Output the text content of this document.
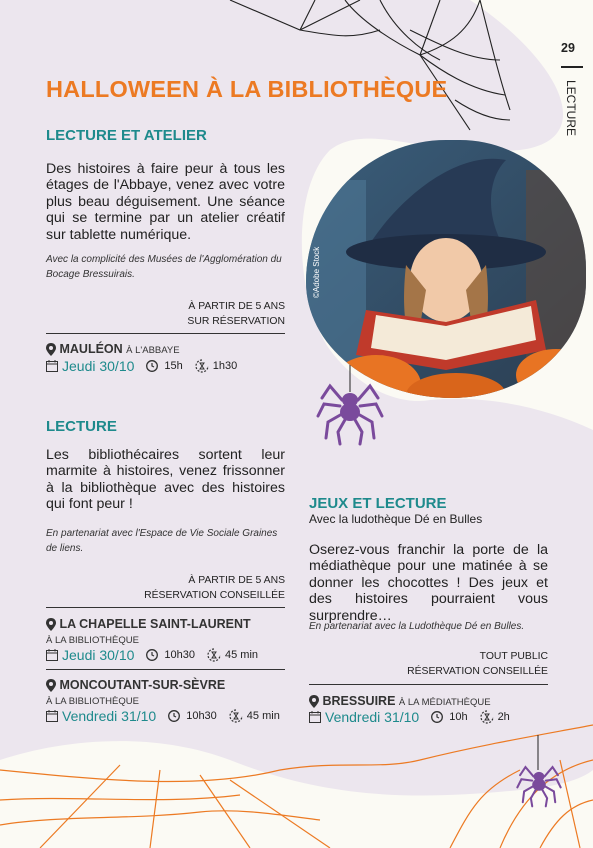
©Adobe Stock
29
LECTURE
HALLOWEEN À LA BIBLIOTHÈQUE
LECTURE ET ATELIER
Des histoires à faire peur à tous les étages de l'Abbaye, venez avec votre plus beau déguisement. Une séance qui se termine par un atelier créatif sur tablette numérique.
Avec la complicité des Musées de l'Agglomération du Bocage Bressuirais.
À PARTIR DE 5 ANS
SUR RÉSERVATION
MAULÉON À L'ABBAYE
Jeudi 30/10	15h	1h30
LECTURE
Les bibliothécaires sortent leur marmite à histoires, venez frissonner à la bibliothèque avec des histoires qui font peur !
En partenariat avec l'Espace de Vie Sociale Graines de liens.
À PARTIR DE 5 ANS
RÉSERVATION CONSEILLÉE
LA CHAPELLE SAINT-LAURENT
À LA BIBLIOTHÈQUE
Jeudi 30/10	10h30	45 min
MONCOUTANT-SUR-SÈVRE
À LA BIBLIOTHÈQUE
Vendredi 31/10	10h30	45 min
JEUX ET LECTURE
Avec la ludothèque Dé en Bulles
Oserez-vous franchir la porte de la médiathèque pour une matinée à se donner les chocottes ! Des jeux et des histoires pourraient vous surprendre…
En partenariat avec la Ludothèque Dé en Bulles.
TOUT PUBLIC
RÉSERVATION CONSEILLÉE
BRESSUIRE À LA MÉDIATHÈQUE
Vendredi 31/10	10h	2h
